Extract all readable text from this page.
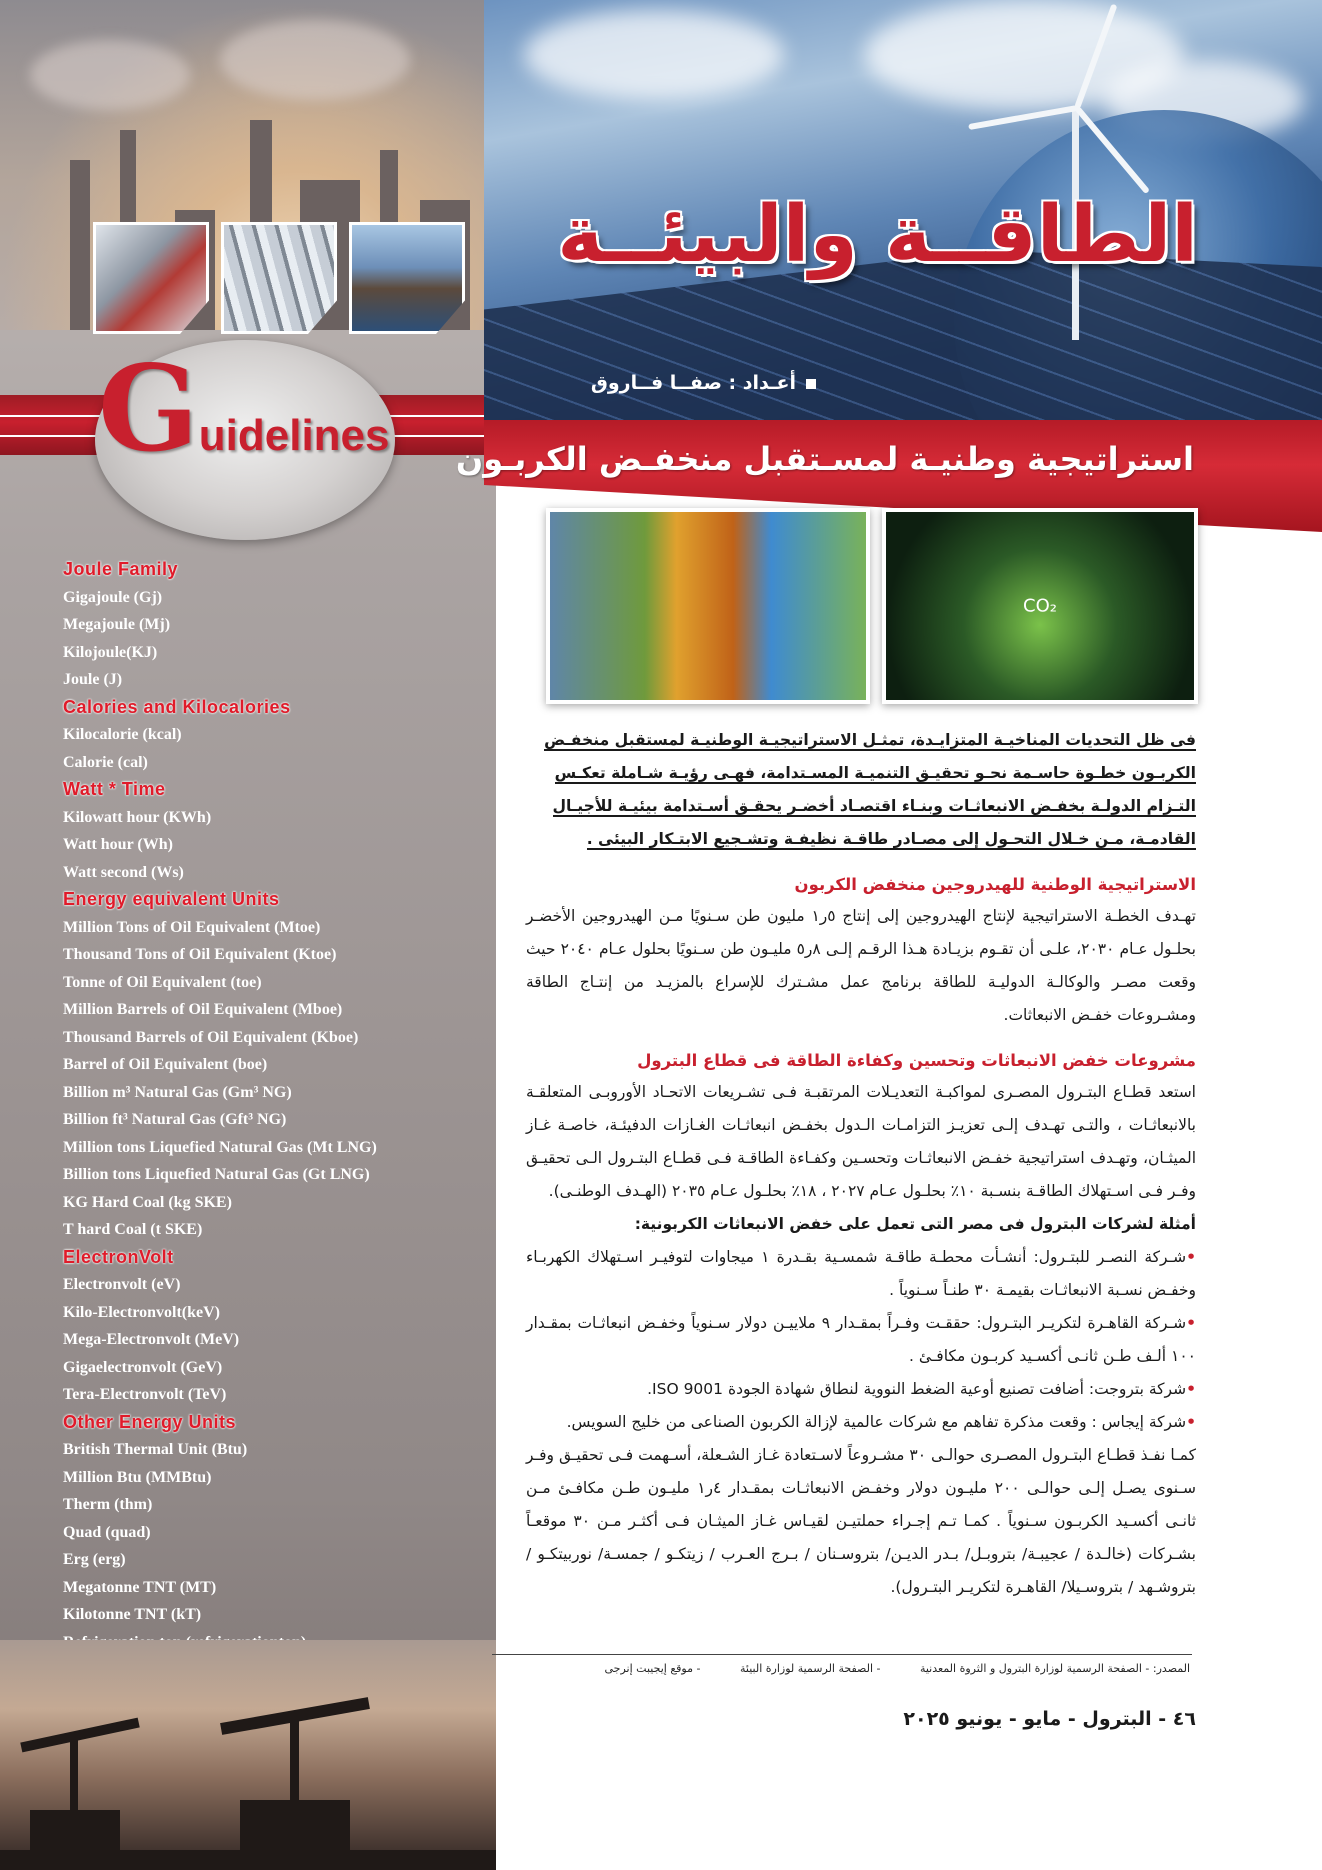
Guidelines
Joule Family
Gigajoule (Gj)
Megajoule (Mj)
Kilojoule(KJ)
Joule (J)
Calories and Kilocalories
Kilocalorie (kcal)
Calorie (cal)
Watt * Time
Kilowatt hour (KWh)
Watt hour (Wh)
Watt second (Ws)
Energy equivalent Units
Million Tons of Oil Equivalent (Mtoe)
Thousand Tons of Oil Equivalent (Ktoe)
Tonne of Oil Equivalent (toe)
Million Barrels of Oil Equivalent (Mboe)
Thousand Barrels of Oil Equivalent (Kboe)
Barrel of Oil Equivalent (boe)
Billion m³ Natural Gas (Gm³ NG)
Billion ft³ Natural Gas (Gft³ NG)
Million tons Liquefied Natural Gas (Mt LNG)
Billion tons Liquefied Natural Gas (Gt LNG)
KG Hard Coal (kg SKE)
T hard Coal (t SKE)
ElectronVolt
Electronvolt (eV)
Kilo-Electronvolt(keV)
Mega-Electronvolt (MeV)
Gigaelectronvolt (GeV)
Tera-Electronvolt (TeV)
Other Energy Units
British Thermal Unit (Btu)
Million Btu (MMBtu)
Therm (thm)
Quad (quad)
Erg (erg)
Megatonne TNT (MT)
Kilotonne TNT (kT)
الطاقــة والبيئــة
أعـداد : صفــا فــاروق
استراتيجية وطنيـة لمسـتقبل منخفـض الكربـون
CO₂
فى ظل التحديات المناخيـة المتزايـدة، تمثـل الاستراتيجيـة الوطنيـة لمستقبل منخفـض
الكربـون خطـوة حاسـمة نحـو تحقيـق التنميـة المسـتدامة، فهـى رؤيـة شـاملة تعكـس
التـزام الدولـة بخفـض الانبعاثـات وبنـاء اقتصـاد أخضـر يحقـق أسـتدامة بيئيـة للأجيـال
القادمـة، مـن خـلال التحـول إلى مصـادر طاقـة نظيفـة وتشـجيع الابتـكار البيئى .
الاستراتيجية الوطنية للهيدروجين منخفض الكربون
تهـدف الخطـة الاستراتيجية لإنتاج الهيدروجين إلى إنتاج ٥ر١ مليون طن سـنويًا مـن الهيدروجين الأخضـر بحلـول عـام ٢٠٣٠، علـى أن تقـوم بزيـادة هـذا الرقـم إلـى ٨ر٥ مليـون طن سـنويًا بحلول عـام ٢٠٤٠ حيث وقعت مصـر والوكالـة الدوليـة للطاقة برنامج عمل مشـترك للإسراع بالمزيـد من إنتـاج الطاقة ومشـروعات خفـض الانبعاثات.
مشروعات خفض الانبعاثات وتحسين وكفاءة الطاقة فى قطاع البترول
استعد قطـاع البتـرول المصـرى لمواكبـة التعديـلات المرتقبـة فـى تشـريعات الاتحـاد الأوروبـى المتعلقـة بالانبعاثـات ، والتـى تهـدف إلـى تعزيـز التزامـات الـدول بخفـض انبعاثـات الغـازات الدفيئـة، خاصـة غـاز الميثـان، وتهـدف استراتيجية خفـض الانبعاثـات وتحسـين وكفـاءة الطاقـة فـى قطـاع البتـرول الـى تحقيـق وفـر فـى اسـتهلاك الطاقـة بنسـبة ١٠٪ بحلـول عـام ٢٠٢٧ ، ١٨٪ بحلـول عـام ٢٠٣٥ (الهـدف الوطنـى).
أمثلة لشركات البترول فى مصر التى تعمل على خفض الانبعاثات الكربونية:
•شـركة النصـر للبتـرول: أنشـأت محطـة طاقـة شمسـية بقـدرة ١ ميجاوات لتوفيـر اسـتهلاك الكهربـاء وخفـض نسـبة الانبعاثـات بقيمـة ٣٠ طنـاً سـنوياً .
•شـركة القاهـرة لتكريـر البتـرول: حققـت وفـراً بمقـدار ٩ ملاييـن دولار سـنوياً وخفـض انبعاثـات بمقـدار ١٠٠ ألـف طـن ثانـى أكسـيد كربـون مكافـئ .
•شركة بتروجت: أضافت تصنيع أوعية الضغط النووية لنطاق شهادة الجودة ISO 9001.
•شركة إيجاس : وقعت مذكرة تفاهم مع شركات عالمية لإزالة الكربون الصناعى من خليج السويس.
كمـا نفـذ قطـاع البتـرول المصـرى حوالـى ٣٠ مشـروعاً لاسـتعادة غـاز الشـعلة، أسـهمت فـى تحقيـق وفـر سـنوى يصـل إلـى حوالـى ٢٠٠ مليـون دولار وخفـض الانبعاثـات بمقـدار ٤ر١ مليـون طـن مكافـئ مـن ثانـى أكسـيد الكربـون سـنوياً . كمـا تـم إجـراء حملتيـن لقيـاس غـاز الميثـان فـى أكثـر مـن ٣٠ موقعـاً بشـركات (خالـدة / عجيبـة/ بتروبـل/ بـدر الديـن/ بتروسـنان / بـرج العـرب / زيتكـو / جمسـة/ نوربيتكـو / بتروشـهد / بتروسـيلا/ القاهـرة لتكريـر البتـرول).
المصدر: - الصفحة الرسمية لوزارة البترول و الثروة المعدنية - الصفحة الرسمية لوزارة البيئة - موقع إيجيبت إنرجى
٤٦ - البترول - مايو - يونيو ٢٠٢٥
